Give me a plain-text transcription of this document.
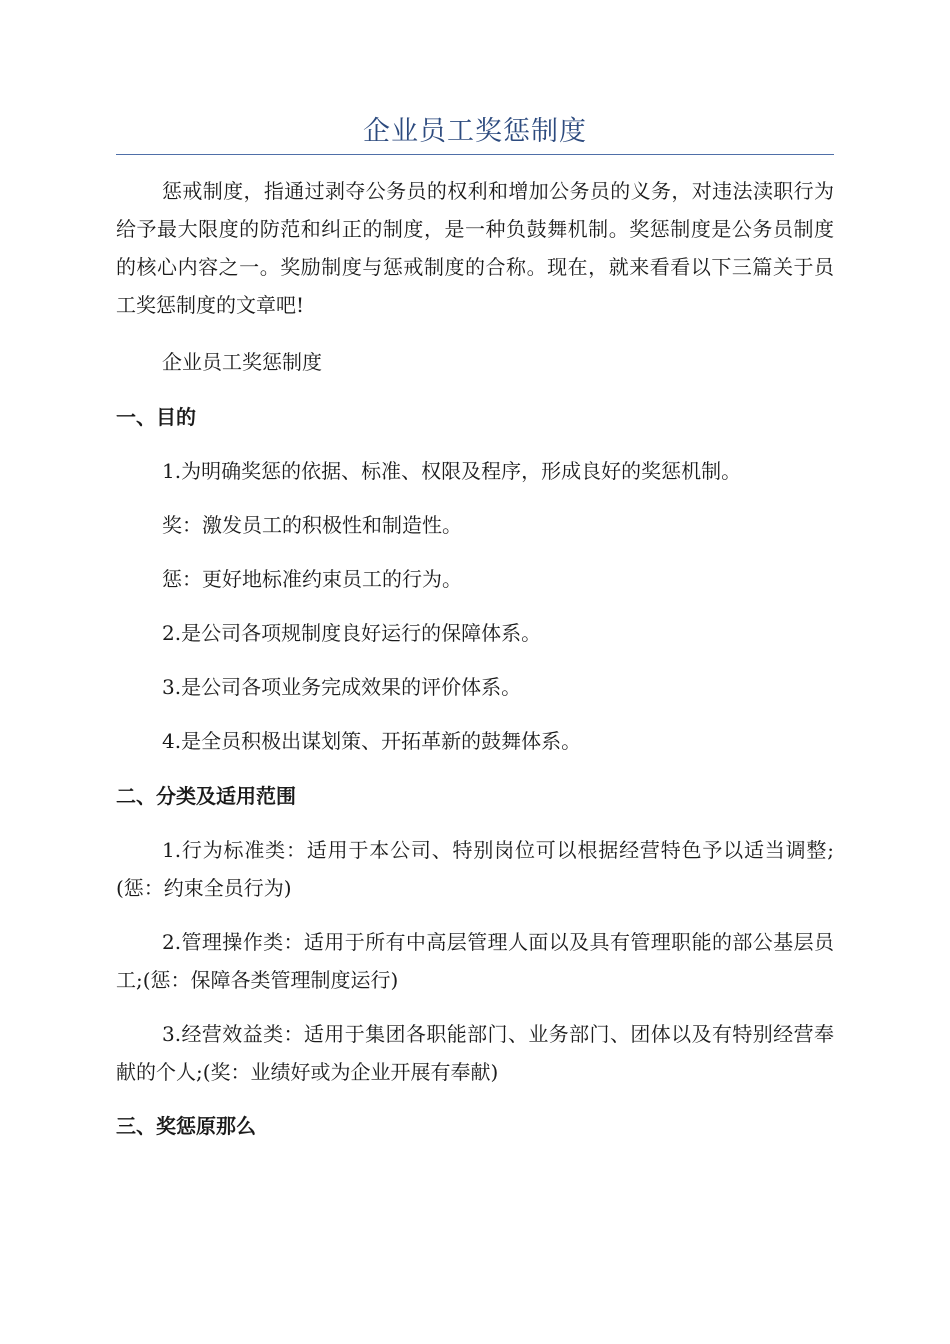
企业员工奖惩制度
惩戒制度，指通过剥夺公务员的权利和增加公务员的义务，对违法渎职行为给予最大限度的防范和纠正的制度，是一种负鼓舞机制。奖惩制度是公务员制度的核心内容之一。奖励制度与惩戒制度的合称。现在，就来看看以下三篇关于员工奖惩制度的文章吧!
企业员工奖惩制度
一、目的
1.为明确奖惩的依据、标准、权限及程序，形成良好的奖惩机制。
奖：激发员工的积极性和制造性。
惩：更好地标准约束员工的行为。
2.是公司各项规制度良好运行的保障体系。
3.是公司各项业务完成效果的评价体系。
4.是全员积极出谋划策、开拓革新的鼓舞体系。
二、分类及适用范围
1.行为标准类：适用于本公司、特别岗位可以根据经营特色予以适当调整;(惩：约束全员行为)
2.管理操作类：适用于所有中高层管理人面以及具有管理职能的部公基层员工;(惩：保障各类管理制度运行)
3.经营效益类：适用于集团各职能部门、业务部门、团体以及有特别经营奉献的个人;(奖：业绩好或为企业开展有奉献)
三、奖惩原那么
